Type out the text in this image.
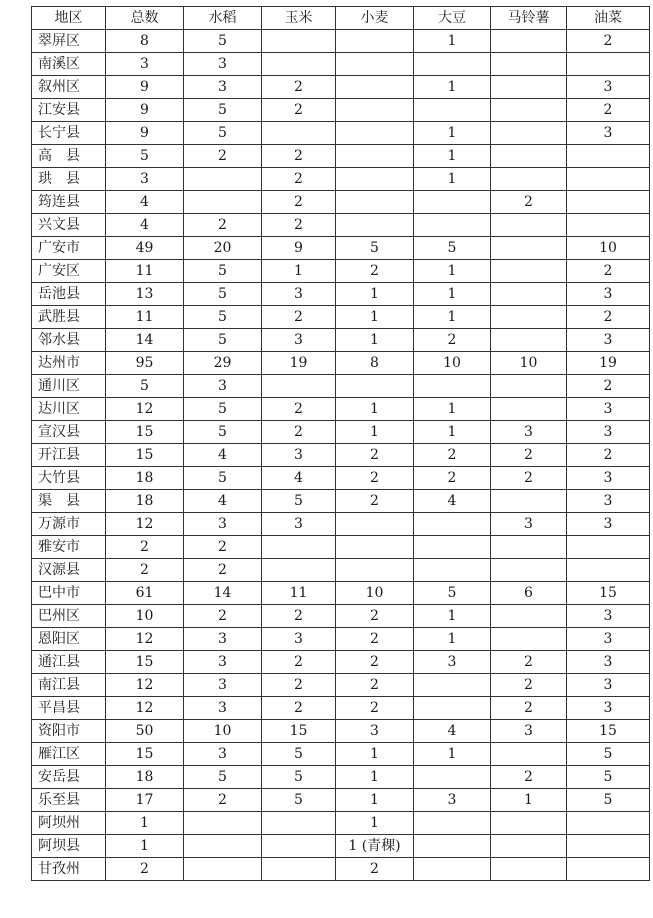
地区	总数	水稻	玉米	小麦	大豆	马铃薯	油菜
翠屏区	8	5			1		2
南溪区	3	3					
叙州区	9	3	2		1		3
江安县	9	5	2				2
长宁县	9	5			1		3
高　县	5	2	2		1		
珙　县	3		2		1		
筠连县	4		2			2	
兴文县	4	2	2				
广安市	49	20	9	5	5		10
广安区	11	5	1	2	1		2
岳池县	13	5	3	1	1		3
武胜县	11	5	2	1	1		2
邻水县	14	5	3	1	2		3
达州市	95	29	19	8	10	10	19
通川区	5	3					2
达川区	12	5	2	1	1		3
宣汉县	15	5	2	1	1	3	3
开江县	15	4	3	2	2	2	2
大竹县	18	5	4	2	2	2	3
渠　县	18	4	5	2	4		3
万源市	12	3	3			3	3
雅安市	2	2					
汉源县	2	2					
巴中市	61	14	11	10	5	6	15
巴州区	10	2	2	2	1		3
恩阳区	12	3	3	2	1		3
通江县	15	3	2	2	3	2	3
南江县	12	3	2	2		2	3
平昌县	12	3	2	2		2	3
资阳市	50	10	15	3	4	3	15
雁江区	15	3	5	1	1		5
安岳县	18	5	5	1		2	5
乐至县	17	2	5	1	3	1	5
阿坝州	1			1			
阿坝县	1			1 (青稞)			
甘孜州	2			2			
